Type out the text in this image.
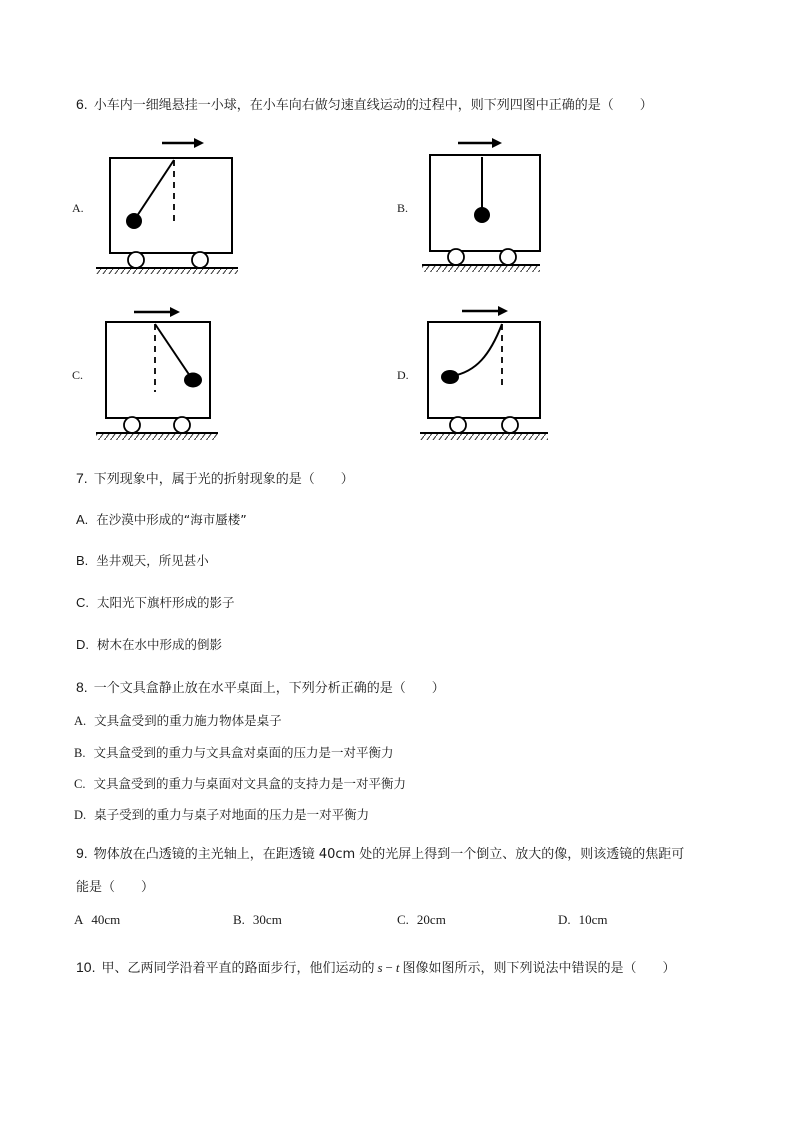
6. 小车内一细绳悬挂一小球，在小车向右做匀速直线运动的过程中，则下列四图中正确的是（　　）
A.	B.
C.	D.
7. 下列现象中，属于光的折射现象的是（　　）
A. 在沙漠中形成的“海市蜃楼”
B. 坐井观天，所见甚小
C. 太阳光下旗杆形成的影子
D. 树木在水中形成的倒影
8. 一个文具盒静止放在水平桌面上，下列分析正确的是（　　）
A. 文具盒受到的重力施力物体是桌子
B. 文具盒受到的重力与文具盒对桌面的压力是一对平衡力
C. 文具盒受到的重力与桌面对文具盒的支持力是一对平衡力
D. 桌子受到的重力与桌子对地面的压力是一对平衡力
9. 物体放在凸透镜的主光轴上，在距透镜 40cm 处的光屏上得到一个倒立、放大的像，则该透镜的焦距可
能是（　　）
A 40cm	B. 30cm	C. 20cm	D. 10cm
10. 甲、乙两同学沿着平直的路面步行，他们运动的 s − t 图像如图所示，则下列说法中错误的是（　　）
